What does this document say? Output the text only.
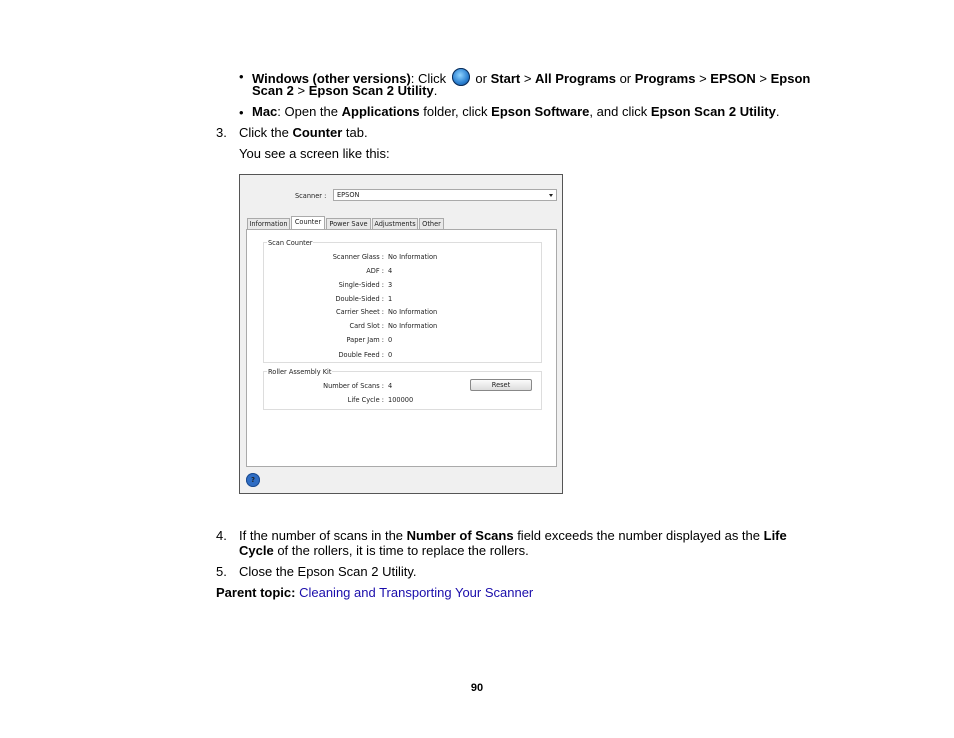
• Windows (other versions): Click  or Start > All Programs or Programs > EPSON > Epson
Scan 2 > Epson Scan 2 Utility.
• Mac: Open the Applications folder, click Epson Software, and click Epson Scan 2 Utility.
3. Click the Counter tab.
You see a screen like this:
Scanner : EPSON
Information	Counter	Power Save	Adjustments Other
Scan Counter
Scanner Glass : No Information
ADF : 4
Single-Sided : 3
Double-Sided : 1
Carrier Sheet : No Information
Card Slot : No Information
Paper Jam : 0
Double Feed : 0
Roller Assembly Kit
Number of Scans : 4
Life Cycle : 100000
Reset
?
4. If the number of scans in the Number of Scans field exceeds the number displayed as the Life
Cycle of the rollers, it is time to replace the rollers.
5. Close the Epson Scan 2 Utility.
Parent topic: Cleaning and Transporting Your Scanner
90
